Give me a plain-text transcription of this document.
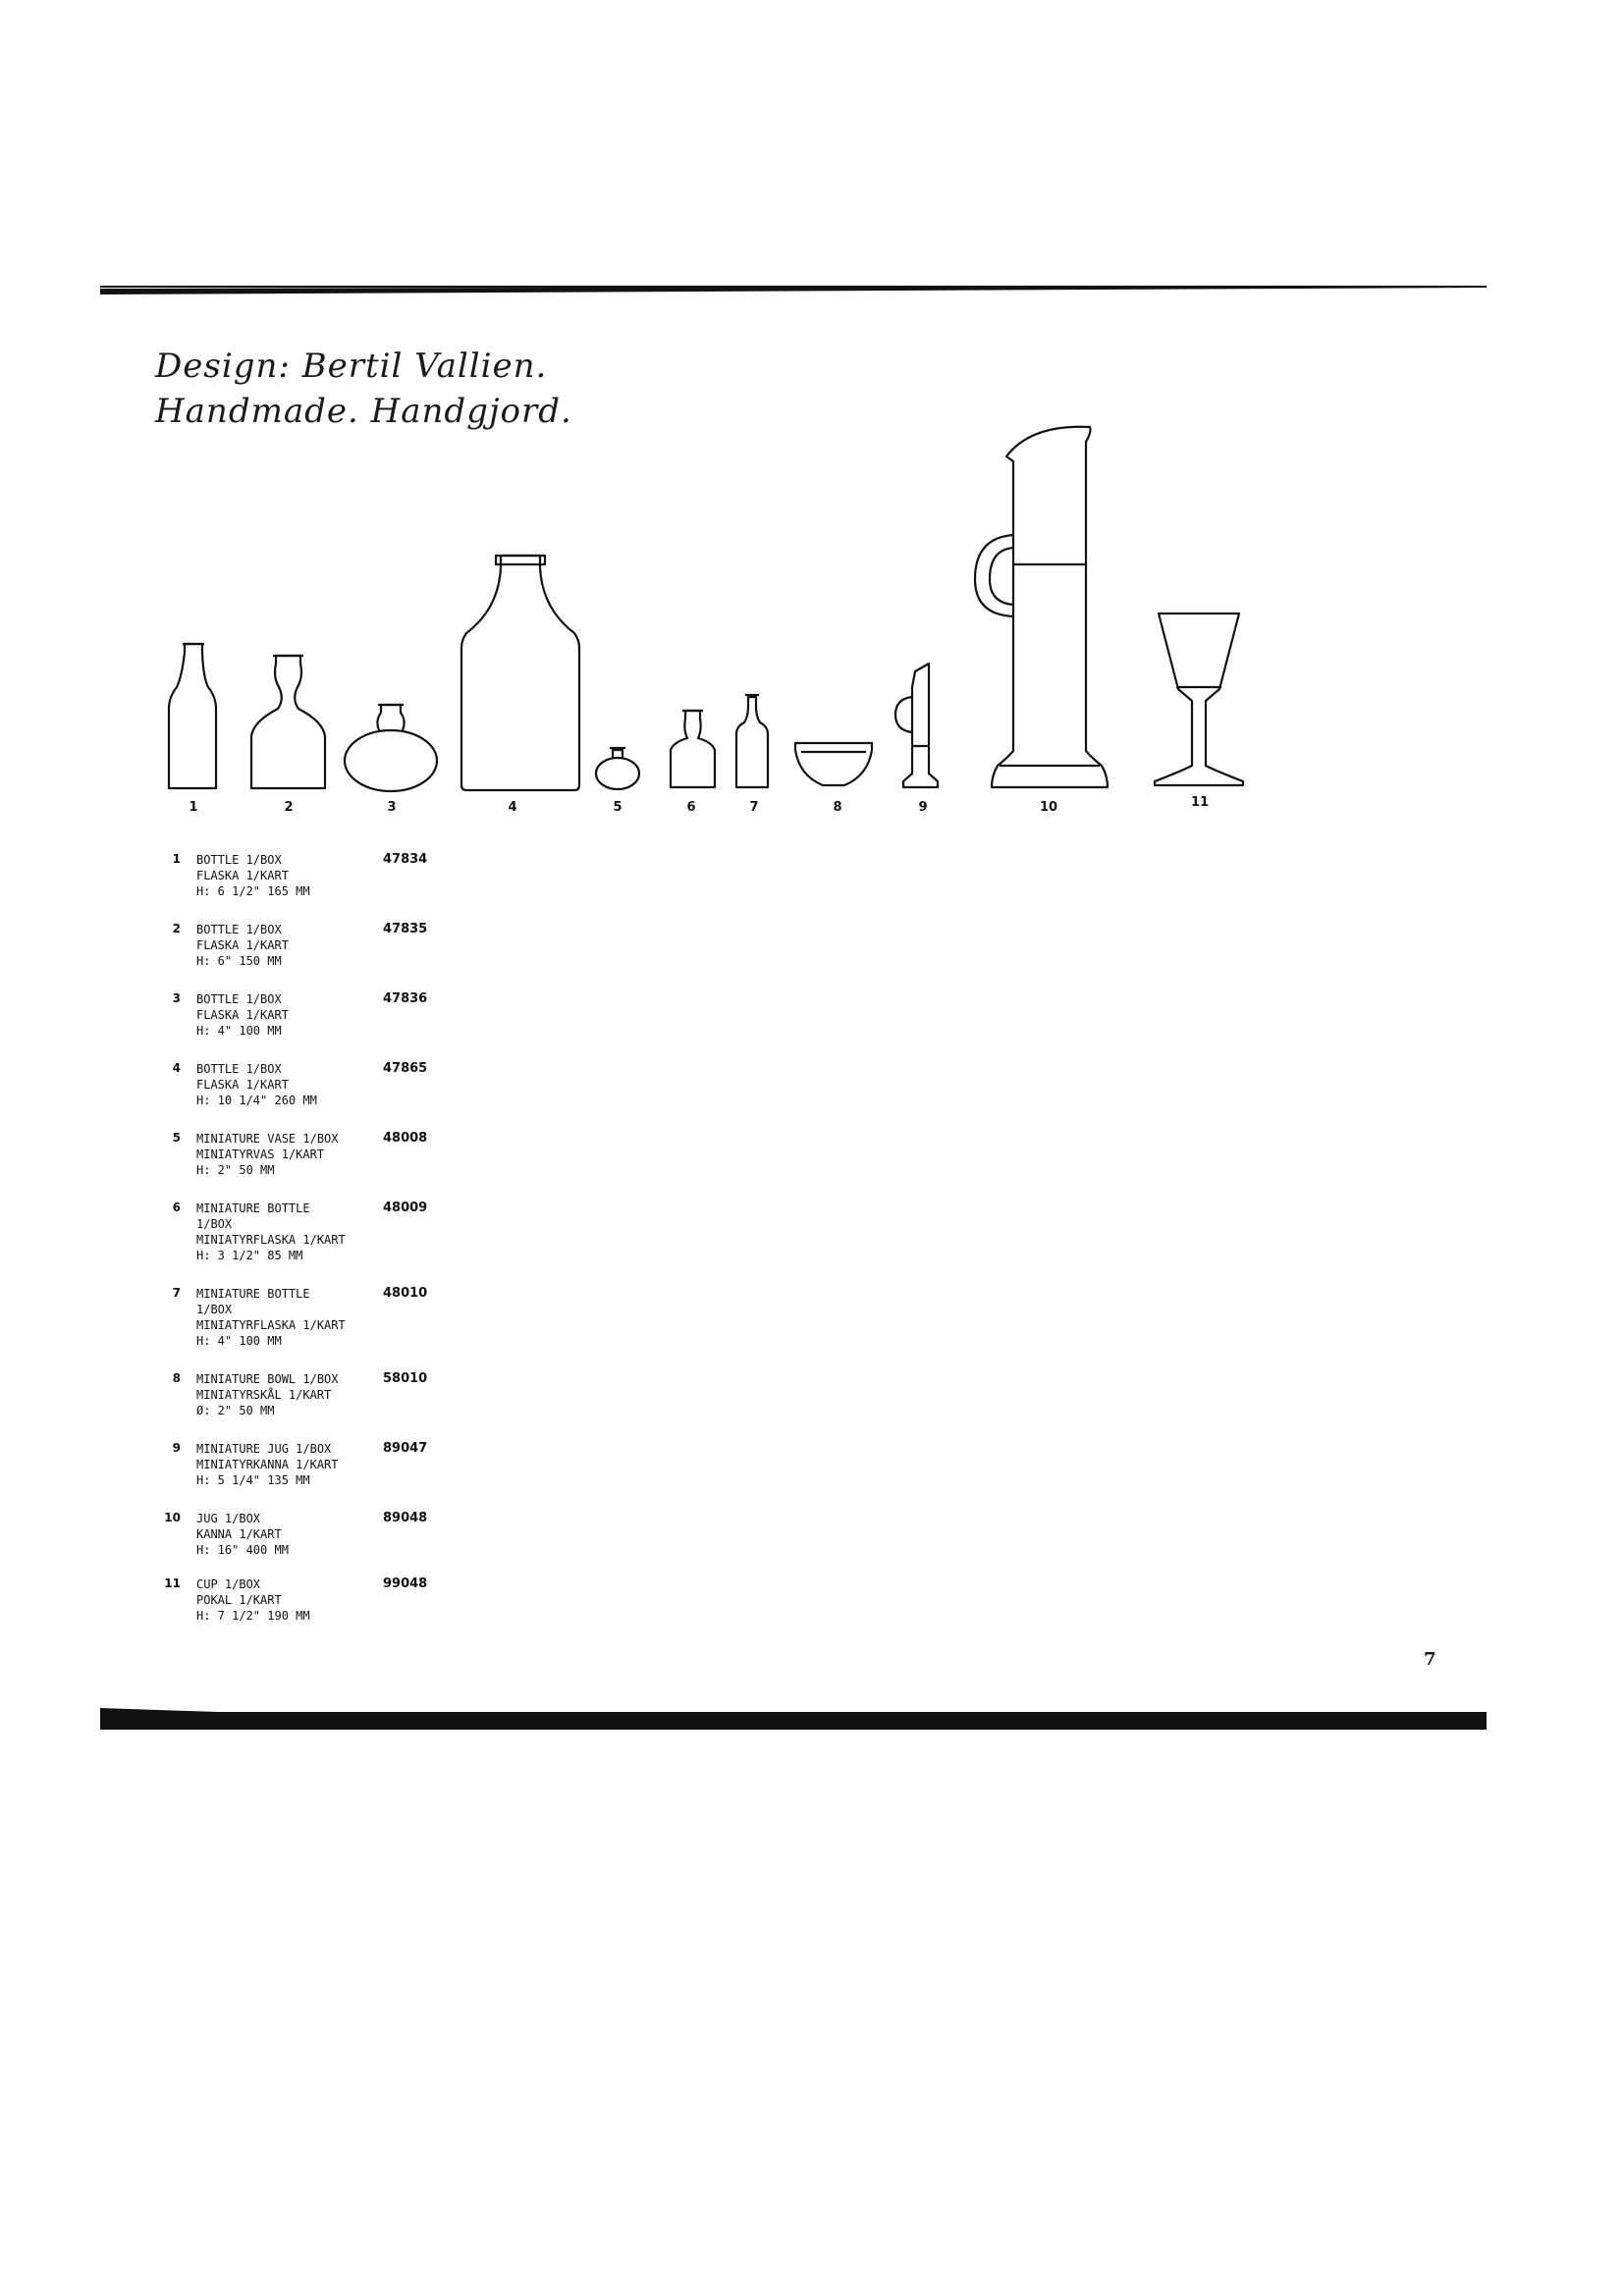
Design: Bertil Vallien.
Handmade. Handgjord.
1	2	3	4	5	6	7	8	9	10	11
1 BOTTLE 1/BOX
FLASKA 1/KART
H: 6 1/2" 165 MM
47834
2 BOTTLE 1/BOX
FLASKA 1/KART
H: 6" 150 MM
47835
3 BOTTLE 1/BOX
FLASKA 1/KART
H: 4" 100 MM
47836
4 BOTTLE 1/BOX
FLASKA 1/KART
H: 10 1/4" 260 MM
47865
5 MINIATURE VASE 1/BOX
MINIATYRVAS 1/KART
H: 2" 50 MM
48008
6 MINIATURE BOTTLE
1/BOX
MINIATYRFLASKA 1/KART
H: 3 1/2" 85 MM
48009
7 MINIATURE BOTTLE
1/BOX
MINIATYRFLASKA 1/KART
H: 4" 100 MM
48010
8 MINIATURE BOWL 1/BOX
MINIATYRSKÅL 1/KART
Ø: 2" 50 MM
58010
9 MINIATURE JUG 1/BOX
MINIATYRKANNA 1/KART
H: 5 1/4" 135 MM
89047
10 JUG 1/BOX
KANNA 1/KART
H: 16" 400 MM
89048
11 CUP 1/BOX
POKAL 1/KART
H: 7 1/2" 190 MM
99048
7
